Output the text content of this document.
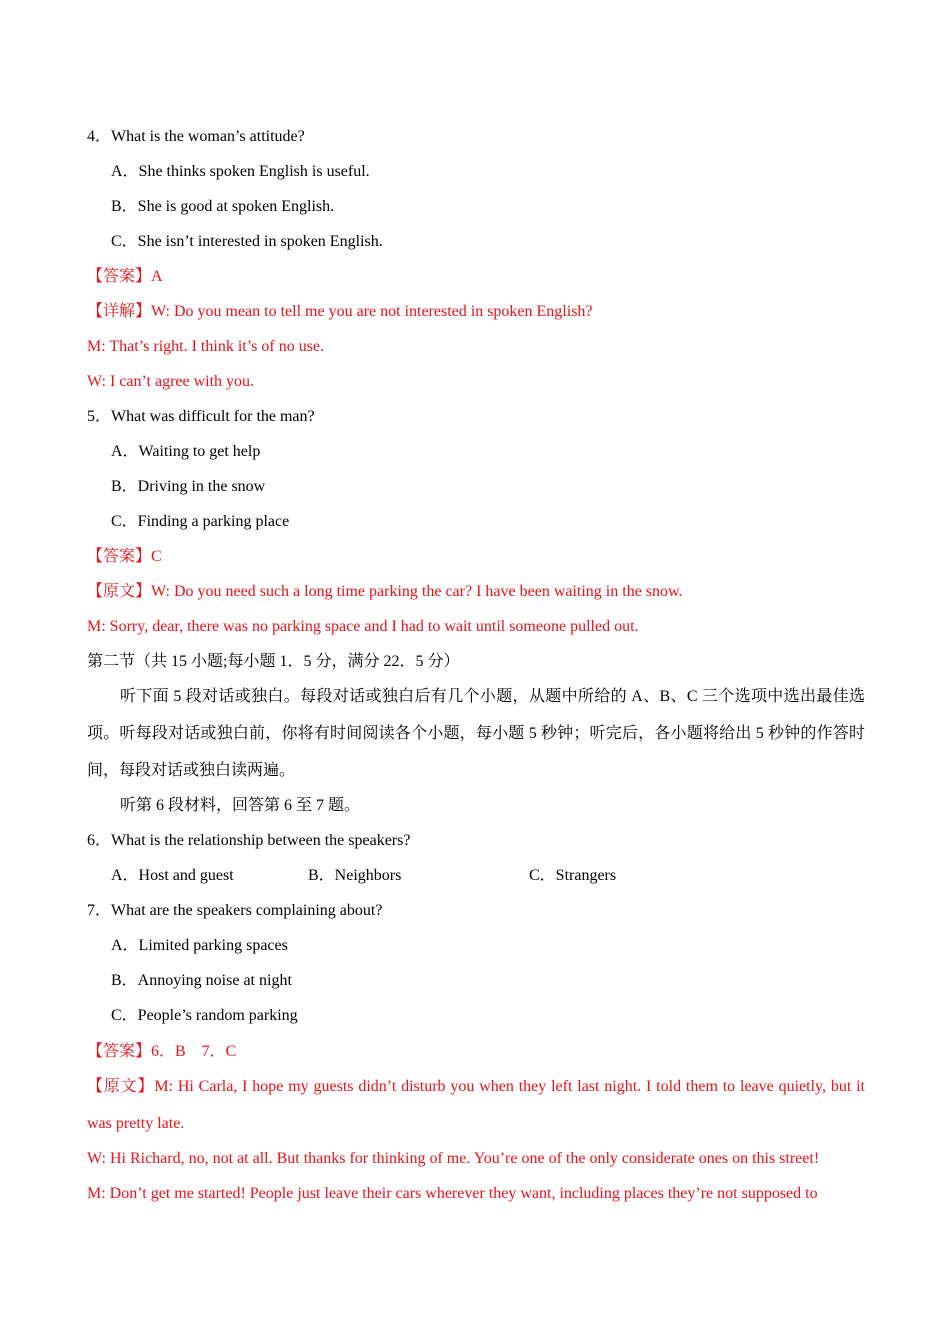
4．What is the woman’s attitude?
A．She thinks spoken English is useful.
B．She is good at spoken English.
C．She isn’t interested in spoken English.
【答案】A
【详解】W: Do you mean to tell me you are not interested in spoken English?
M: That’s right. I think it’s of no use.
W: I can’t agree with you.
5．What was difficult for the man?
A．Waiting to get help
B．Driving in the snow
C．Finding a parking place
【答案】C
【原文】W: Do you need such a long time parking the car? I have been waiting in the snow.
M: Sorry, dear, there was no parking space and I had to wait until someone pulled out.
第二节（共 15 小题;每小题 1．5 分，满分 22．5 分）
听下面 5 段对话或独白。每段对话或独白后有几个小题，从题中所给的 A、B、C 三个选项中选出最佳选项。听每段对话或独白前，你将有时间阅读各个小题，每小题 5 秒钟；听完后，各小题将给出 5 秒钟的作答时间，每段对话或独白读两遍。
听第 6 段材料，回答第 6 至 7 题。
6．What is the relationship between the speakers?
A．Host and guest	B．Neighbors	C．Strangers
7．What are the speakers complaining about?
A．Limited parking spaces
B．Annoying noise at night
C．People’s random parking
【答案】6．B　7．C
【原文】M: Hi Carla, I hope my guests didn’t disturb you when they left last night. I told them to leave quietly, but it was pretty late.
W: Hi Richard, no, not at all. But thanks for thinking of me. You’re one of the only considerate ones on this street!
M: Don’t get me started! People just leave their cars wherever they want, including places they’re not supposed to
